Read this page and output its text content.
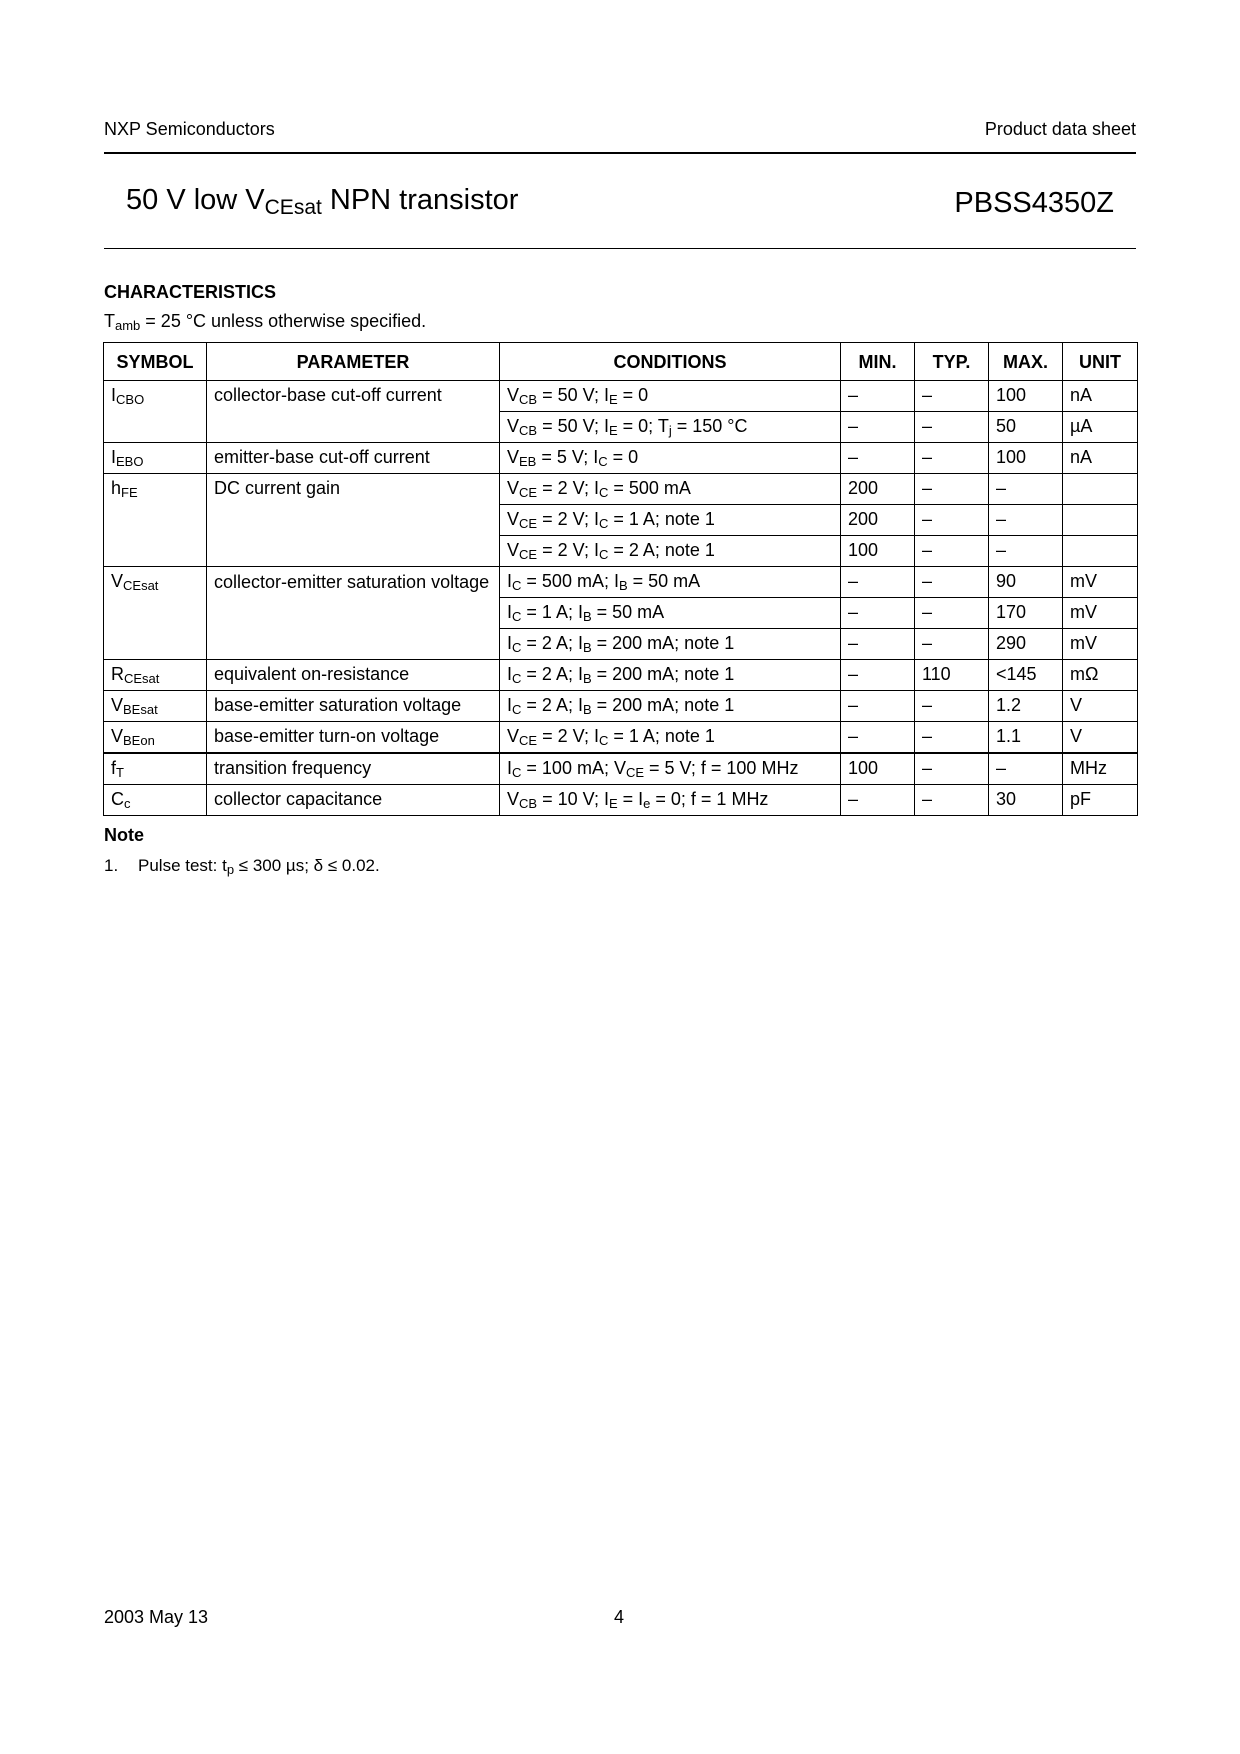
NXP Semiconductors	Product data sheet
50 V low $V_{CEsat}$ NPN transistor	PBSS4350Z
CHARACTERISTICS
$T_{amb} = 25$ °C unless otherwise specified.
SYMBOL	PARAMETER	CONDITIONS	MIN.	TYP.	MAX.	UNIT
$I_{CBO}$	collector-base cut-off current	$V_{CB} = 50$ V; $I_E = 0$	–	–	100	nA
		$V_{CB} = 50$ V; $I_E = 0$; $T_j = 150$ °C	–	–	50	µA
$I_{EBO}$	emitter-base cut-off current	$V_{EB} = 5$ V; $I_C = 0$	–	–	100	nA
$h_{FE}$	DC current gain	$V_{CE} = 2$ V; $I_C = 500$ mA	200	–	–	
		$V_{CE} = 2$ V; $I_C = 1$ A; note 1	200	–	–	
		$V_{CE} = 2$ V; $I_C = 2$ A; note 1	100	–	–	
$V_{CEsat}$	collector-emitter saturation voltage	$I_C = 500$ mA; $I_B = 50$ mA	–	–	90	mV
		$I_C = 1$ A; $I_B = 50$ mA	–	–	170	mV
		$I_C = 2$ A; $I_B = 200$ mA; note 1	–	–	290	mV
$R_{CEsat}$	equivalent on-resistance	$I_C = 2$ A; $I_B = 200$ mA; note 1	–	110	<145	mΩ
$V_{BEsat}$	base-emitter saturation voltage	$I_C = 2$ A; $I_B = 200$ mA; note 1	–	–	1.2	V
$V_{BEon}$	base-emitter turn-on voltage	$V_{CE} = 2$ V; $I_C = 1$ A; note 1	–	–	1.1	V
$f_T$	transition frequency	$I_C = 100$ mA; $V_{CE} = 5$ V; f = 100 MHz	100	–	–	MHz
$C_c$	collector capacitance	$V_{CB} = 10$ V; $I_E = I_e = 0$; f = 1 MHz	–	–	30	pF
Note
1. Pulse test: $t_p \le 300$ µs; δ ≤ 0.02.
2003 May 13	4
